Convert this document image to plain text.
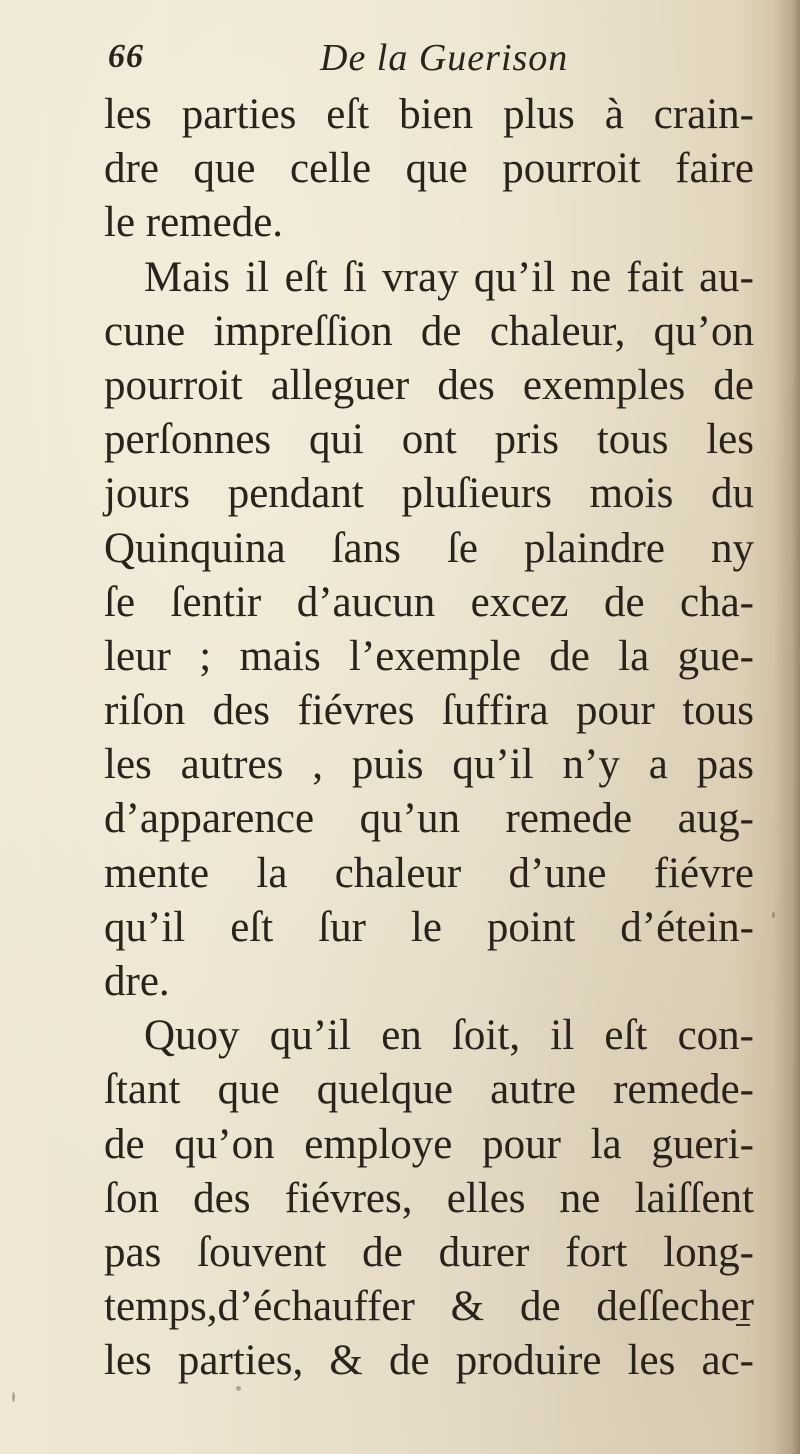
66	De la Guerison
les parties eſt bien plus à crain-
dre que celle que pourroit faire
le remede.
Mais il eſt ſi vray qu’il ne fait au-
cune impreſſion de chaleur, qu’on
pourroit alleguer des exemples de
perſonnes qui ont pris tous les
jours pendant pluſieurs mois du
Quinquina ſans ſe plaindre ny
ſe ſentir d’aucun excez de cha-
leur ; mais l’exemple de la gue-
riſon des fiévres ſuffira pour tous
les autres , puis qu’il n’y a pas
d’apparence qu’un remede aug-
mente la chaleur d’une fiévre
qu’il eſt ſur le point d’étein-
dre.
Quoy qu’il en ſoit, il eſt con-
ſtant que quelque autre remede-
de qu’on employe pour la gueri-
ſon des fiévres, elles ne laiſſent
pas ſouvent de durer fort long-
temps,d’échauffer & de deſſecher
les parties, & de produire les ac-
